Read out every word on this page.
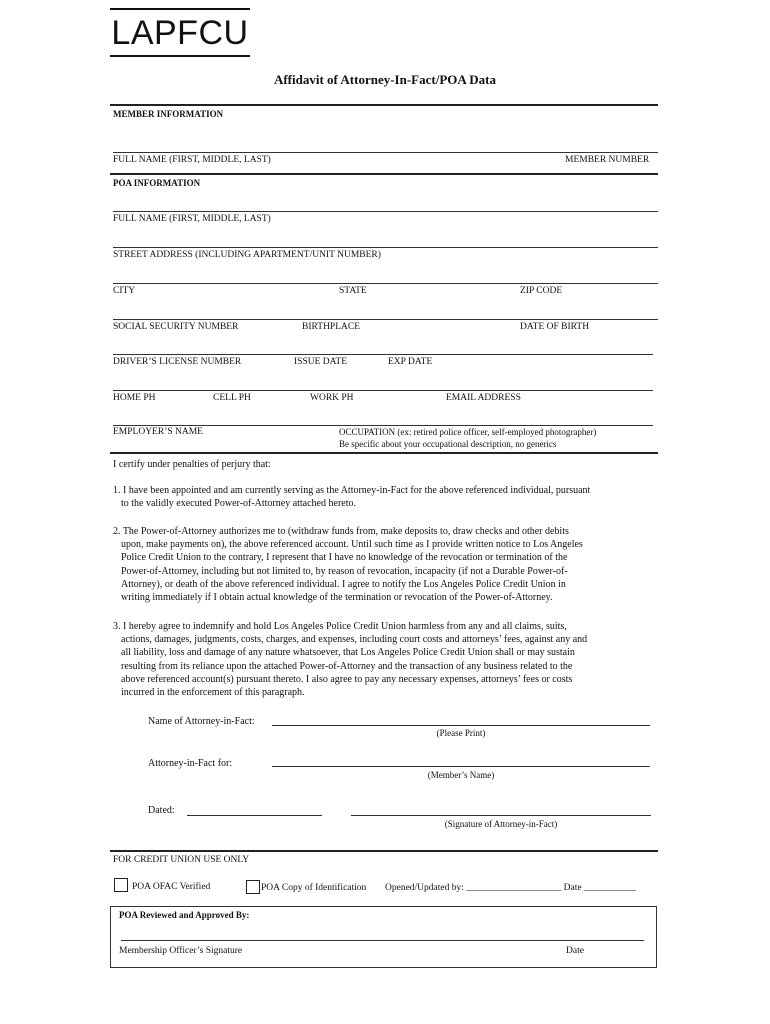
LAPFCU
Affidavit of Attorney-In-Fact/POA Data
MEMBER INFORMATION
FULL NAME (FIRST, MIDDLE, LAST)	MEMBER NUMBER
POA INFORMATION
FULL NAME (FIRST, MIDDLE, LAST)
STREET ADDRESS (INCLUDING APARTMENT/UNIT NUMBER)
CITY	STATE	ZIP CODE
SOCIAL SECURITY NUMBER	BIRTHPLACE	DATE OF BIRTH
DRIVER’S LICENSE NUMBER	ISSUE DATE	EXP DATE
HOME PH	CELL PH	WORK PH	EMAIL ADDRESS
EMPLOYER’S NAME	OCCUPATION (ex: retired police officer, self-employed photographer)
Be specific about your occupational description, no generics
I certify under penalties of perjury that:
1. I have been appointed and am currently serving as the Attorney-in-Fact for the above referenced individual, pursuant
to the validly executed Power-of-Attorney attached hereto.
2. The Power-of-Attorney authorizes me to (withdraw funds from, make deposits to, draw checks and other debits
upon, make payments on), the above referenced account. Until such time as I provide written notice to Los Angeles
Police Credit Union to the contrary, I represent that I have no knowledge of the revocation or termination of the
Power-of-Attorney, including but not limited to, by reason of revocation, incapacity (if not a Durable Power-of-
Attorney), or death of the above referenced individual. I agree to notify the Los Angeles Police Credit Union in
writing immediately if I obtain actual knowledge of the termination or revocation of the Power-of-Attorney.
3. I hereby agree to indemnify and hold Los Angeles Police Credit Union harmless from any and all claims, suits,
actions, damages, judgments, costs, charges, and expenses, including court costs and attorneys’ fees, against any and
all liability, loss and damage of any nature whatsoever, that Los Angeles Police Credit Union shall or may sustain
resulting from its reliance upon the attached Power-of-Attorney and the transaction of any business related to the
above referenced account(s) pursuant thereto. I also agree to pay any necessary expenses, attorneys’ fees or costs
incurred in the enforcement of this paragraph.
Name of Attorney-in-Fact:
(Please Print)
Attorney-in-Fact for:
(Member’s Name)
Dated:
(Signature of Attorney-in-Fact)
FOR CREDIT UNION USE ONLY
POA OFAC Verified	POA Copy of Identification Opened/Updated by: ____________________ Date ___________
POA Reviewed and Approved By:
Membership Officer’s Signature	Date
